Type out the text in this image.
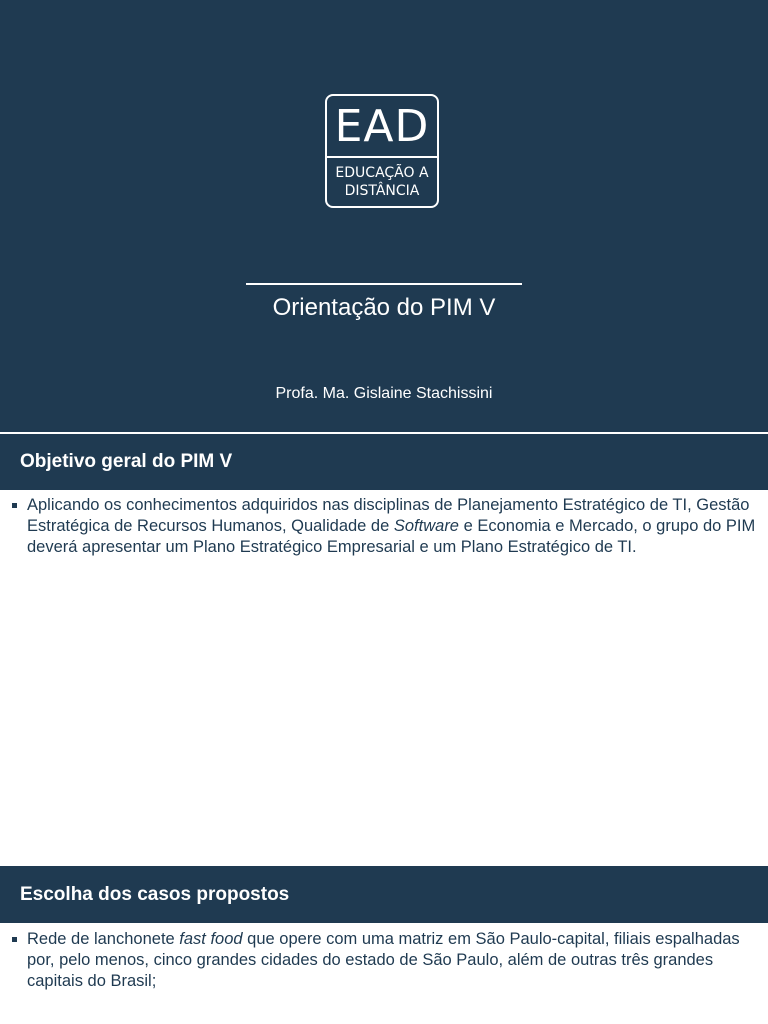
EAD
EDUCAÇÃO A
DISTÂNCIA
Orientação do PIM V
Profa. Ma. Gislaine Stachissini
Objetivo geral do PIM V
Aplicando os conhecimentos adquiridos nas disciplinas de Planejamento Estratégico de TI, Gestão Estratégica de Recursos Humanos, Qualidade de Software e Economia e Mercado, o grupo do PIM deverá apresentar um Plano Estratégico Empresarial e um Plano Estratégico de TI.
Escolha dos casos propostos
Rede de lanchonete fast food que opere com uma matriz em São Paulo-capital, filiais espalhadas por, pelo menos, cinco grandes cidades do estado de São Paulo, além de outras três grandes capitais do Brasil;
